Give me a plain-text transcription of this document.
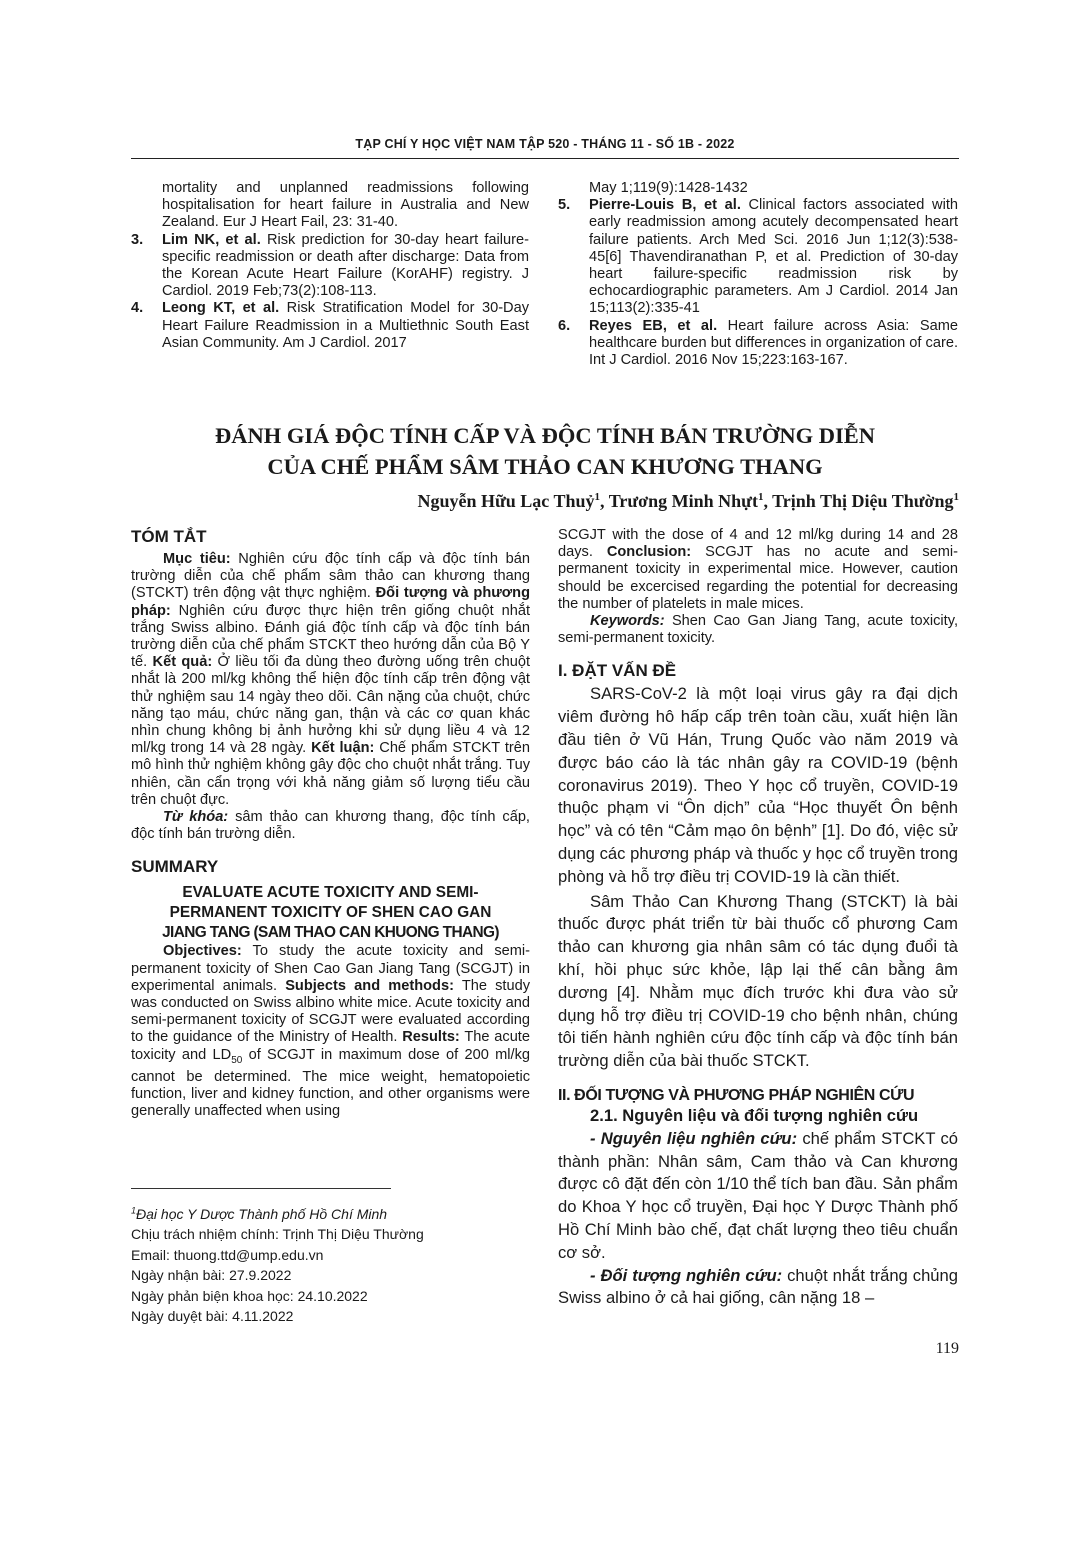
TẠP CHÍ Y HỌC VIỆT NAM TẬP 520 - THÁNG 11 - SỐ 1B - 2022
mortality and unplanned readmissions following hospitalisation for heart failure in Australia and New Zealand. Eur J Heart Fail, 23: 31-40.
3. Lim NK, et al. Risk prediction for 30-day heart failure-specific readmission or death after discharge: Data from the Korean Acute Heart Failure (KorAHF) registry. J Cardiol. 2019 Feb;73(2):108-113.
4. Leong KT, et al. Risk Stratification Model for 30-Day Heart Failure Readmission in a Multiethnic South East Asian Community. Am J Cardiol. 2017
May 1;119(9):1428-1432
5. Pierre-Louis B, et al. Clinical factors associated with early readmission among acutely decompensated heart failure patients. Arch Med Sci. 2016 Jun 1;12(3):538-45[6] Thavendiranathan P, et al. Prediction of 30-day heart failure-specific readmission risk by echocardiographic parameters. Am J Cardiol. 2014 Jan 15;113(2):335-41
6. Reyes EB, et al. Heart failure across Asia: Same healthcare burden but differences in organization of care. Int J Cardiol. 2016 Nov 15;223:163-167.
ĐÁNH GIÁ ĐỘC TÍNH CẤP VÀ ĐỘC TÍNH BÁN TRƯỜNG DIỄN
CỦA CHẾ PHẨM SÂM THẢO CAN KHƯƠNG THANG
Nguyễn Hữu Lạc Thuỷ$^1$, Trương Minh Nhựt$^1$, Trịnh Thị Diệu Thường$^1$
TÓM TẮT
Mục tiêu: Nghiên cứu độc tính cấp và độc tính bán trường diễn của chế phẩm sâm thảo can khương thang (STCKT) trên động vật thực nghiệm. Đối tượng và phương pháp: Nghiên cứu được thực hiện trên giống chuột nhắt trắng Swiss albino. Đánh giá độc tính cấp và độc tính bán trường diễn của chế phẩm STCKT theo hướng dẫn của Bộ Y tế. Kết quả: Ở liều tối đa dùng theo đường uống trên chuột nhắt là 200 ml/kg không thể hiện độc tính cấp trên động vật thử nghiệm sau 14 ngày theo dõi. Cân nặng của chuột, chức năng tạo máu, chức năng gan, thận và các cơ quan khác nhìn chung không bị ảnh hưởng khi sử dụng liều 4 và 12 ml/kg trong 14 và 28 ngày. Kết luận: Chế phẩm STCKT trên mô hình thử nghiệm không gây độc cho chuột nhắt trắng. Tuy nhiên, cần cẩn trọng với khả năng giảm số lượng tiểu cầu trên chuột đực.
Từ khóa: sâm thảo can khương thang, độc tính cấp, độc tính bán trường diễn.
SUMMARY
EVALUATE ACUTE TOXICITY AND SEMI-
PERMANENT TOXICITY OF SHEN CAO GAN
JIANG TANG (SAM THAO CAN KHUONG THANG)
Objectives: To study the acute toxicity and semi-permanent toxicity of Shen Cao Gan Jiang Tang (SCGJT) in experimental animals. Subjects and methods: The study was conducted on Swiss albino white mice. Acute toxicity and semi-permanent toxicity of SCGJT were evaluated according to the guidance of the Ministry of Health. Results: The acute toxicity and $LD_{50}$ of SCGJT in maximum dose of 200 ml/kg cannot be determined. The mice weight, hematopoietic function, liver and kidney function, and other organisms were generally unaffected when using
$^1$Đại học Y Dược Thành phố Hồ Chí Minh
Chịu trách nhiệm chính: Trịnh Thị Diệu Thường
Email: thuong.ttd@ump.edu.vn
Ngày nhận bài: 27.9.2022
Ngày phản biện khoa học: 24.10.2022
Ngày duyệt bài: 4.11.2022
SCGJT with the dose of 4 and 12 ml/kg during 14 and 28 days. Conclusion: SCGJT has no acute and semi-permanent toxicity in experimental mice. However, caution should be excercised regarding the potential for decreasing the number of platelets in male mices.
Keywords: Shen Cao Gan Jiang Tang, acute toxicity, semi-permanent toxicity.
I. ĐẶT VẤN ĐỀ
SARS-CoV-2 là một loại virus gây ra đại dịch viêm đường hô hấp cấp trên toàn cầu, xuất hiện lần đầu tiên ở Vũ Hán, Trung Quốc vào năm 2019 và được báo cáo là tác nhân gây ra COVID-19 (bệnh coronavirus 2019). Theo Y học cổ truyền, COVID-19 thuộc phạm vi “Ôn dịch” của “Học thuyết Ôn bệnh học” và có tên “Cảm mạo ôn bệnh” [1]. Do đó, việc sử dụng các phương pháp và thuốc y học cổ truyền trong phòng và hỗ trợ điều trị COVID-19 là cần thiết.
Sâm Thảo Can Khương Thang (STCKT) là bài thuốc được phát triển từ bài thuốc cổ phương Cam thảo can khương gia nhân sâm có tác dụng đuổi tà khí, hồi phục sức khỏe, lập lại thế cân bằng âm dương [4]. Nhằm mục đích trước khi đưa vào sử dụng hỗ trợ điều trị COVID-19 cho bệnh nhân, chúng tôi tiến hành nghiên cứu độc tính cấp và độc tính bán trường diễn của bài thuốc STCKT.
II. ĐỐI TƯỢNG VÀ PHƯƠNG PHÁP NGHIÊN CỨU
2.1. Nguyên liệu và đối tượng nghiên cứu
- Nguyên liệu nghiên cứu: chế phẩm STCKT có thành phần: Nhân sâm, Cam thảo và Can khương được cô đặt đến còn 1/10 thể tích ban đầu. Sản phẩm do Khoa Y học cổ truyền, Đại học Y Dược Thành phố Hồ Chí Minh bào chế, đạt chất lượng theo tiêu chuẩn cơ sở.
- Đối tượng nghiên cứu: chuột nhắt trắng chủng Swiss albino ở cả hai giống, cân nặng 18 –
119
